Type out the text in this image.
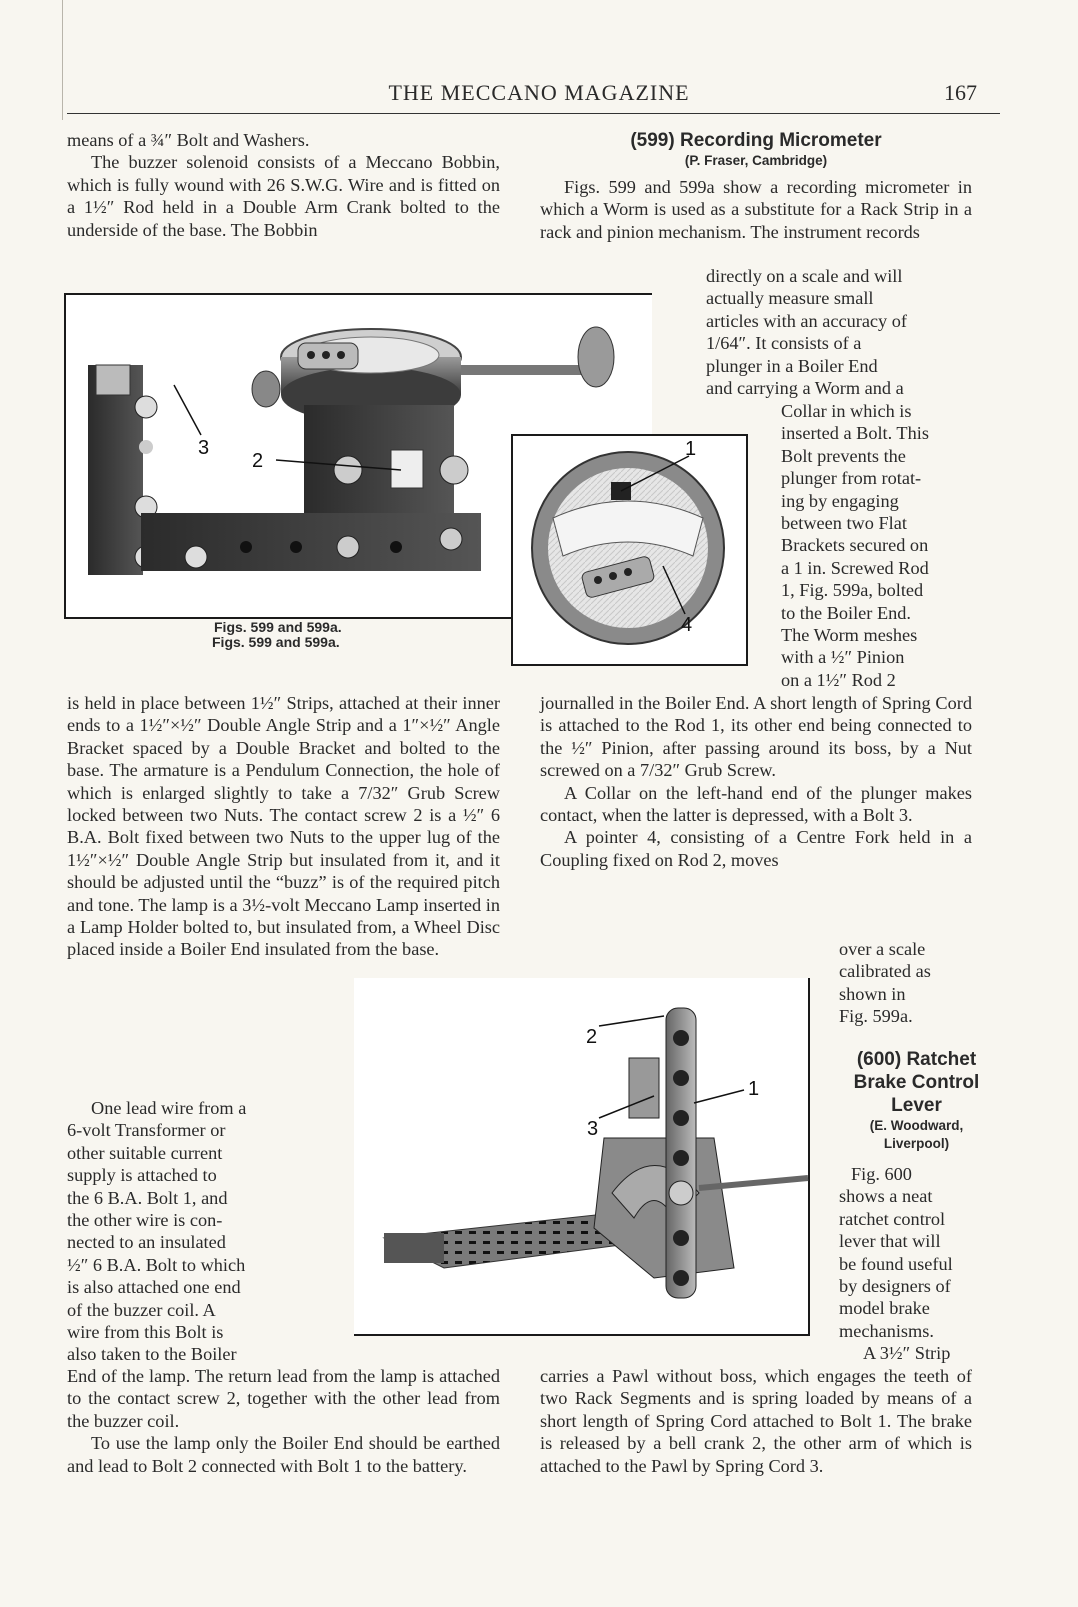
THE MECCANO MAGAZINE	167

means of a ¾″ Bolt and Washers.

The buzzer solenoid consists of a Meccano Bobbin, which is fully wound with 26 S.W.G. Wire and is fitted on a 1½″ Rod held in a Double Arm Crank bolted to the underside of the base. The Bobbin

3
2
Figs. 599 and 599a.
Figs. 599 and 599a.
1
4

is held in place between 1½″ Strips, attached at their inner ends to a 1½″×½″ Double Angle Strip and a 1″×½″ Angle Bracket spaced by a Double Bracket and bolted to the base. The armature is a Pendulum Connection, the hole of which is enlarged slightly to take a 7/32″ Grub Screw locked between two Nuts. The contact screw 2 is a ½″ 6 B.A. Bolt fixed between two Nuts to the upper lug of the 1½″×½″ Double Angle Strip but insulated from it, and it should be adjusted until the “buzz” is of the required pitch and tone. The lamp is a 3½-volt Meccano Lamp inserted in a Lamp Holder bolted to, but insulated from, a Wheel Disc placed inside a Boiler End insulated from the base.

One lead wire from a

6-volt Transformer or

other suitable current

supply is attached to

the 6 B.A. Bolt 1, and

the other wire is con-

nected to an insulated

½″ 6 B.A. Bolt to which

is also attached one end

of the buzzer coil. A

wire from this Bolt is

also taken to the Boiler

2
1
3

End of the lamp. The return lead from the lamp is attached to the contact screw 2, together with the other lead from the buzzer coil.

To use the lamp only the Boiler End should be earthed and lead to Bolt 2 connected with Bolt 1 to the battery.

(599) Recording Micrometer
(P. Fraser, Cambridge)

Figs. 599 and 599a show a recording micrometer in which a Worm is used as a substitute for a Rack Strip in a rack and pinion mechanism. The instrument records

directly on a scale and will

actually measure small

articles with an accuracy of

1/64″. It consists of a

plunger in a Boiler End

and carrying a Worm and a

Collar in which is

inserted a Bolt. This

Bolt prevents the

plunger from rotat-

ing by engaging

between two Flat

Brackets secured on

a 1 in. Screwed Rod

1, Fig. 599a, bolted

to the Boiler End.

The Worm meshes

with a ½″ Pinion

on a 1½″ Rod 2

journalled in the Boiler End. A short length of Spring Cord is attached to the Rod 1, its other end being connected to the ½″ Pinion, after passing around its boss, by a Nut screwed on a 7/32″ Grub Screw.

A Collar on the left-hand end of the plunger makes contact, when the latter is depressed, with a Bolt 3.

A pointer 4, consisting of a Centre Fork held in a Coupling fixed on Rod 2, moves

over a scale

calibrated as

shown in

Fig. 599a.

(600) Ratchet
Brake Control
Lever
(E. Woodward,
Liverpool)

Fig. 600

shows a neat

ratchet control

lever that will

be found useful

by designers of

model brake

mechanisms.

A 3½″ Strip

carries a Pawl without boss, which engages the teeth of two Rack Segments and is spring loaded by means of a short length of Spring Cord attached to Bolt 1. The brake is released by a bell crank 2, the other arm of which is attached to the Pawl by Spring Cord 3.
